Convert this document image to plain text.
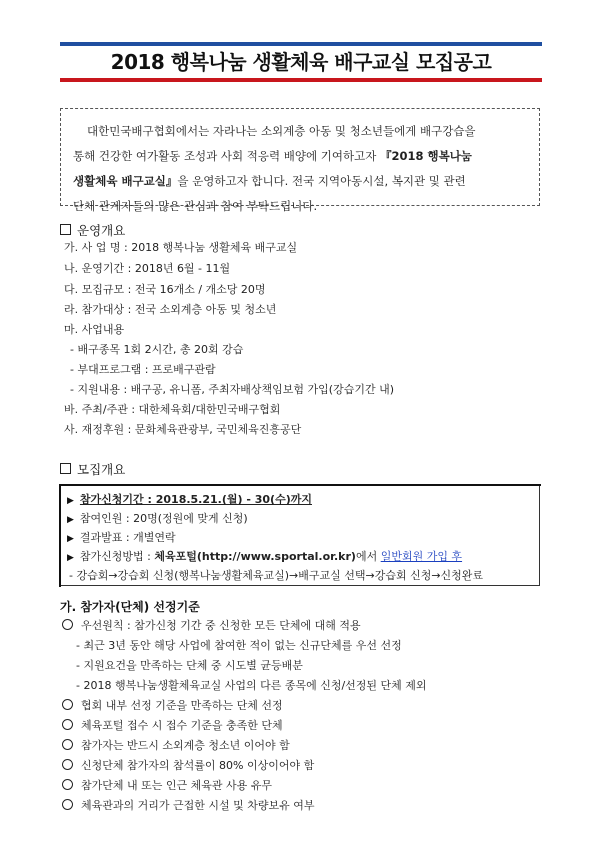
2018 행복나눔 생활체육 배구교실 모집공고
대한민국배구협회에서는 자라나는 소외계층 아동 및 청소년들에게 배구강습을
통해 건강한 여가활동 조성과 사회 적응력 배양에 기여하고자 『2018 행복나눔
생활체육 배구교실』을 운영하고자 합니다. 전국 지역아동시설, 복지관 및 관련
단체 관계자들의 많은 관심과 참여 부탁드립니다.
운영개요
가. 사 업 명 : 2018 행복나눔 생활체육 배구교실
나. 운영기간 : 2018년 6월 - 11월
다. 모집규모 : 전국 16개소 / 개소당 20명
라. 참가대상 : 전국 소외계층 아동 및 청소년
마. 사업내용
- 배구종목 1회 2시간, 총 20회 강습
- 부대프로그램 : 프로배구관람
- 지원내용 : 배구공, 유니폼, 주최자배상책임보험 가입(강습기간 내)
바. 주최/주관 : 대한체육회/대한민국배구협회
사. 재정후원 : 문화체육관광부, 국민체육진흥공단
모집개요
▶ 참가신청기간 : 2018.5.21.(월) - 30(수)까지
▶ 참여인원 : 20명(정원에 맞게 신청)
▶ 결과발표 : 개별연락
▶ 참가신청방법 : 체육포털(http://www.sportal.or.kr)에서 일반회원 가입 후
- 강습회→강습회 신청(행복나눔생활체육교실)→배구교실 선택→강습회 신청→신청완료
가. 참가자(단체) 선정기준
우선원칙 : 참가신청 기간 중 신청한 모든 단체에 대해 적용
- 최근 3년 동안 해당 사업에 참여한 적이 없는 신규단체를 우선 선정
- 지원요건을 만족하는 단체 중 시도별 균등배분
- 2018 행복나눔생활체육교실 사업의 다른 종목에 신청/선정된 단체 제외
협회 내부 선정 기준을 만족하는 단체 선정
체육포털 접수 시 접수 기준을 충족한 단체
참가자는 반드시 소외계층 청소년 이어야 함
신청단체 참가자의 참석률이 80% 이상이어야 함
참가단체 내 또는 인근 체육관 사용 유무
체육관과의 거리가 근접한 시설 및 차량보유 여부
